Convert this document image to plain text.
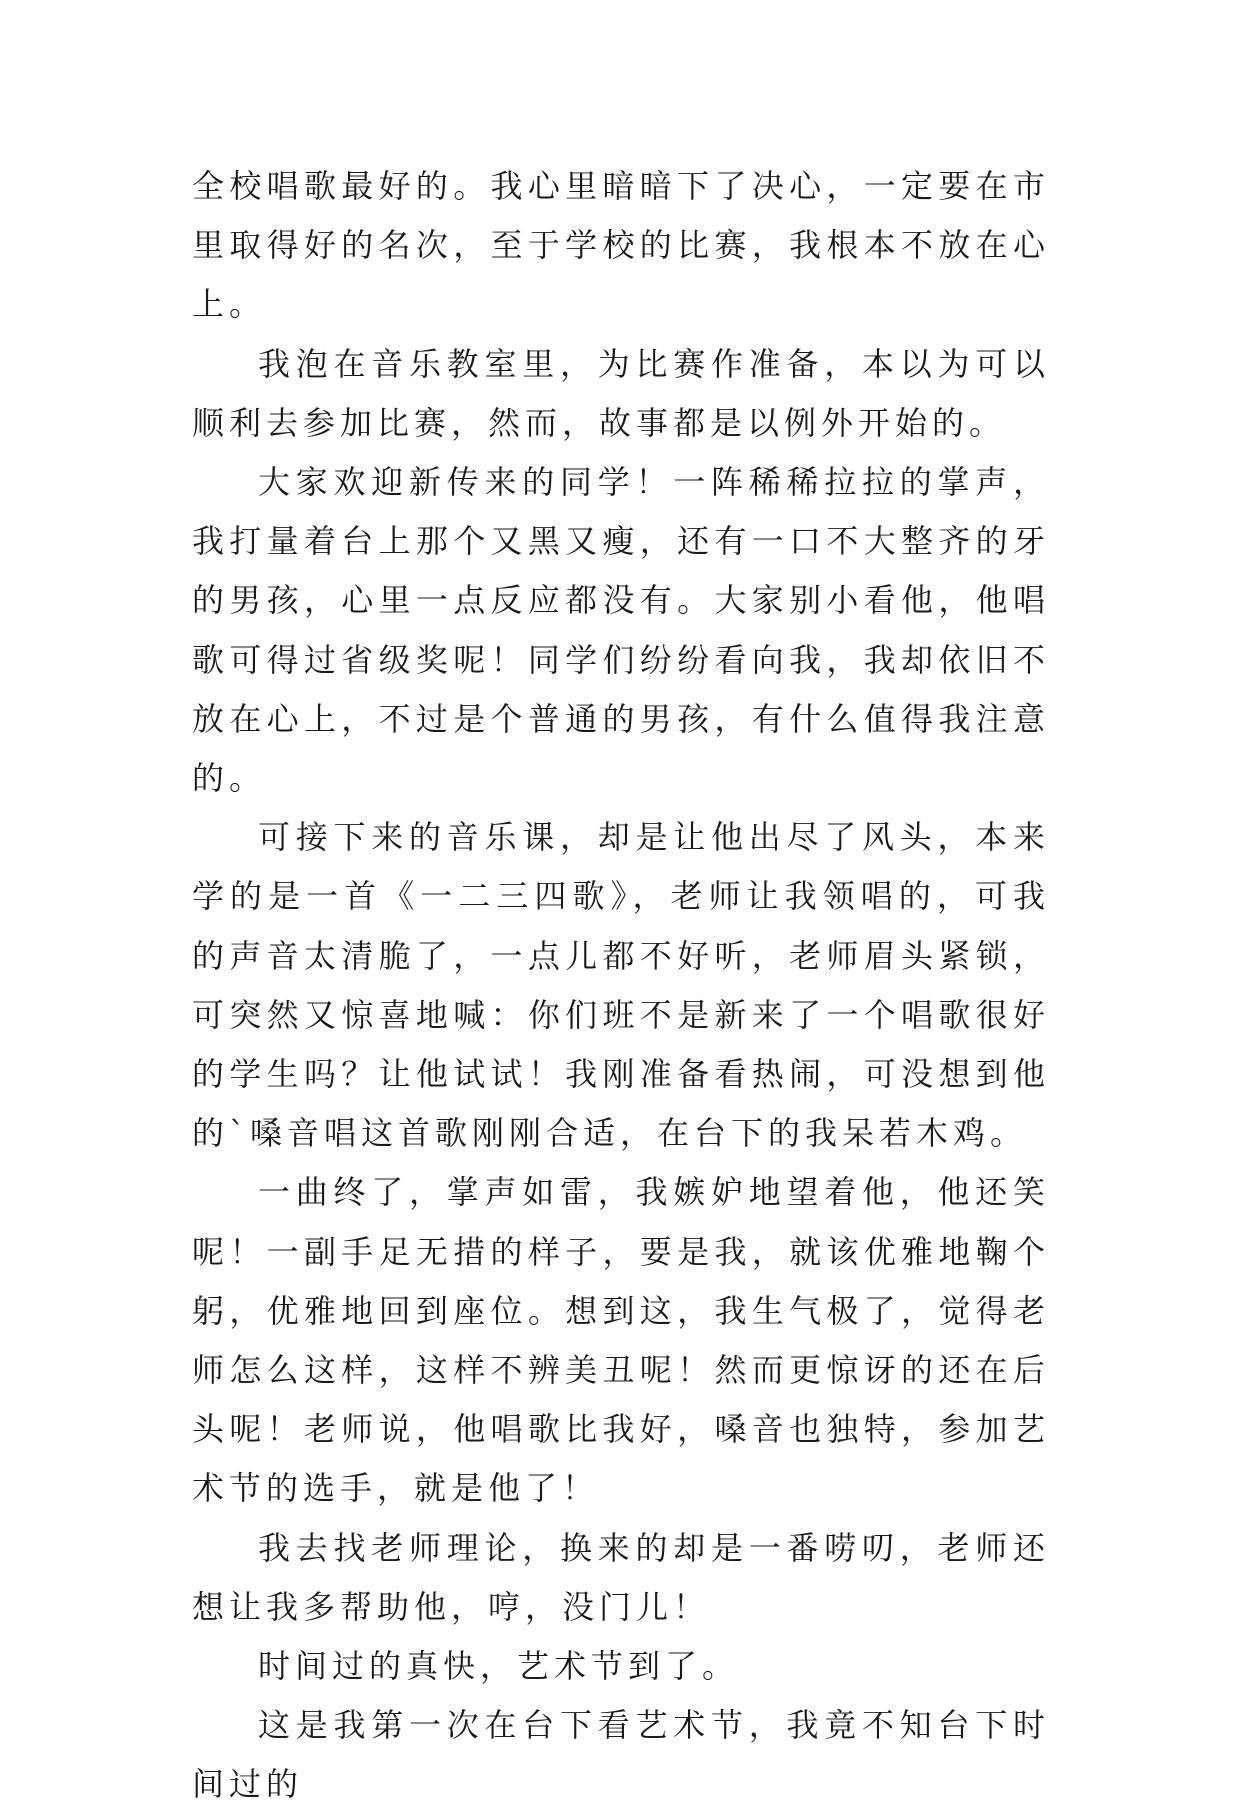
全校唱歌最好的。我心里暗暗下了决心，一定要在市里取得好的名次，至于学校的比赛，我根本不放在心上。

我泡在音乐教室里，为比赛作准备，本以为可以顺利去参加比赛，然而，故事都是以例外开始的。

大家欢迎新传来的同学！一阵稀稀拉拉的掌声，我打量着台上那个又黑又瘦，还有一口不大整齐的牙的男孩，心里一点反应都没有。大家别小看他，他唱歌可得过省级奖呢！同学们纷纷看向我，我却依旧不放在心上，不过是个普通的男孩，有什么值得我注意的。

可接下来的音乐课，却是让他出尽了风头，本来学的是一首《一二三四歌》，老师让我领唱的，可我的声音太清脆了，一点儿都不好听，老师眉头紧锁，可突然又惊喜地喊：你们班不是新来了一个唱歌很好的学生吗？让他试试！我刚准备看热闹，可没想到他的`嗓音唱这首歌刚刚合适，在台下的我呆若木鸡。

一曲终了，掌声如雷，我嫉妒地望着他，他还笑呢！一副手足无措的样子，要是我，就该优雅地鞠个躬，优雅地回到座位。想到这，我生气极了，觉得老师怎么这样，这样不辨美丑呢！然而更惊讶的还在后头呢！老师说，他唱歌比我好，嗓音也独特，参加艺术节的选手，就是他了！

我去找老师理论，换来的却是一番唠叨，老师还想让我多帮助他，哼，没门儿！

时间过的真快，艺术节到了。

这是我第一次在台下看艺术节，我竟不知台下时间过的
